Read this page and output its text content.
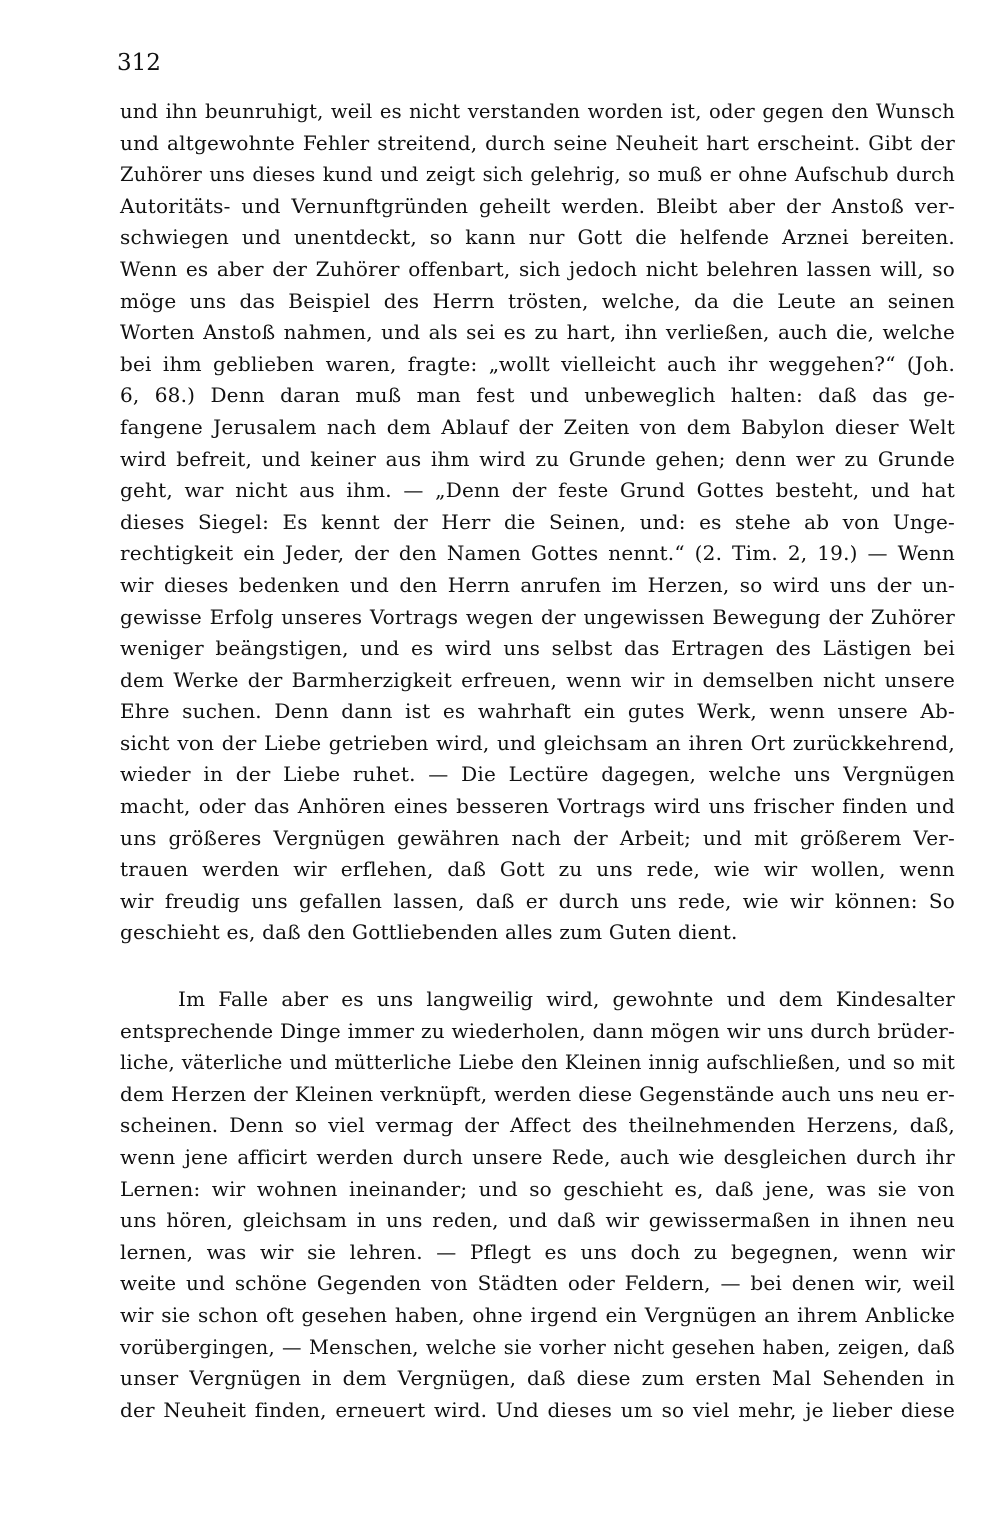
312
und ihn beunruhigt, weil es nicht verstanden worden ist, oder gegen den Wunsch
und altgewohnte Fehler streitend, durch seine Neuheit hart erscheint. Gibt der
Zuhörer uns dieses kund und zeigt sich gelehrig, so muß er ohne Aufschub durch
Autoritäts- und Vernunftgründen geheilt werden. Bleibt aber der Anstoß ver-
schwiegen und unentdeckt, so kann nur Gott die helfende Arznei bereiten.
Wenn es aber der Zuhörer offenbart, sich jedoch nicht belehren lassen will, so
möge uns das Beispiel des Herrn trösten, welche, da die Leute an seinen
Worten Anstoß nahmen, und als sei es zu hart, ihn verließen, auch die, welche
bei ihm geblieben waren, fragte: „wollt vielleicht auch ihr weggehen?“ (Joh.
6, 68.) Denn daran muß man fest und unbeweglich halten: daß das ge-
fangene Jerusalem nach dem Ablauf der Zeiten von dem Babylon dieser Welt
wird befreit, und keiner aus ihm wird zu Grunde gehen; denn wer zu Grunde
geht, war nicht aus ihm. — „Denn der feste Grund Gottes besteht, und hat
dieses Siegel: Es kennt der Herr die Seinen, und: es stehe ab von Unge-
rechtigkeit ein Jeder, der den Namen Gottes nennt.“ (2. Tim. 2, 19.) — Wenn
wir dieses bedenken und den Herrn anrufen im Herzen, so wird uns der un-
gewisse Erfolg unseres Vortrags wegen der ungewissen Bewegung der Zuhörer
weniger beängstigen, und es wird uns selbst das Ertragen des Lästigen bei
dem Werke der Barmherzigkeit erfreuen, wenn wir in demselben nicht unsere
Ehre suchen. Denn dann ist es wahrhaft ein gutes Werk, wenn unsere Ab-
sicht von der Liebe getrieben wird, und gleichsam an ihren Ort zurückkehrend,
wieder in der Liebe ruhet. — Die Lectüre dagegen, welche uns Vergnügen
macht, oder das Anhören eines besseren Vortrags wird uns frischer finden und
uns größeres Vergnügen gewähren nach der Arbeit; und mit größerem Ver-
trauen werden wir erflehen, daß Gott zu uns rede, wie wir wollen, wenn
wir freudig uns gefallen lassen, daß er durch uns rede, wie wir können: So
geschieht es, daß den Gottliebenden alles zum Guten dient.
Im Falle aber es uns langweilig wird, gewohnte und dem Kindesalter
entsprechende Dinge immer zu wiederholen, dann mögen wir uns durch brüder-
liche, väterliche und mütterliche Liebe den Kleinen innig aufschließen, und so mit
dem Herzen der Kleinen verknüpft, werden diese Gegenstände auch uns neu er-
scheinen. Denn so viel vermag der Affect des theilnehmenden Herzens, daß,
wenn jene afficirt werden durch unsere Rede, auch wie desgleichen durch ihr
Lernen: wir wohnen ineinander; und so geschieht es, daß jene, was sie von
uns hören, gleichsam in uns reden, und daß wir gewissermaßen in ihnen neu
lernen, was wir sie lehren. — Pflegt es uns doch zu begegnen, wenn wir
weite und schöne Gegenden von Städten oder Feldern, — bei denen wir, weil
wir sie schon oft gesehen haben, ohne irgend ein Vergnügen an ihrem Anblicke
vorübergingen, — Menschen, welche sie vorher nicht gesehen haben, zeigen, daß
unser Vergnügen in dem Vergnügen, daß diese zum ersten Mal Sehenden in
der Neuheit finden, erneuert wird. Und dieses um so viel mehr, je lieber diese
